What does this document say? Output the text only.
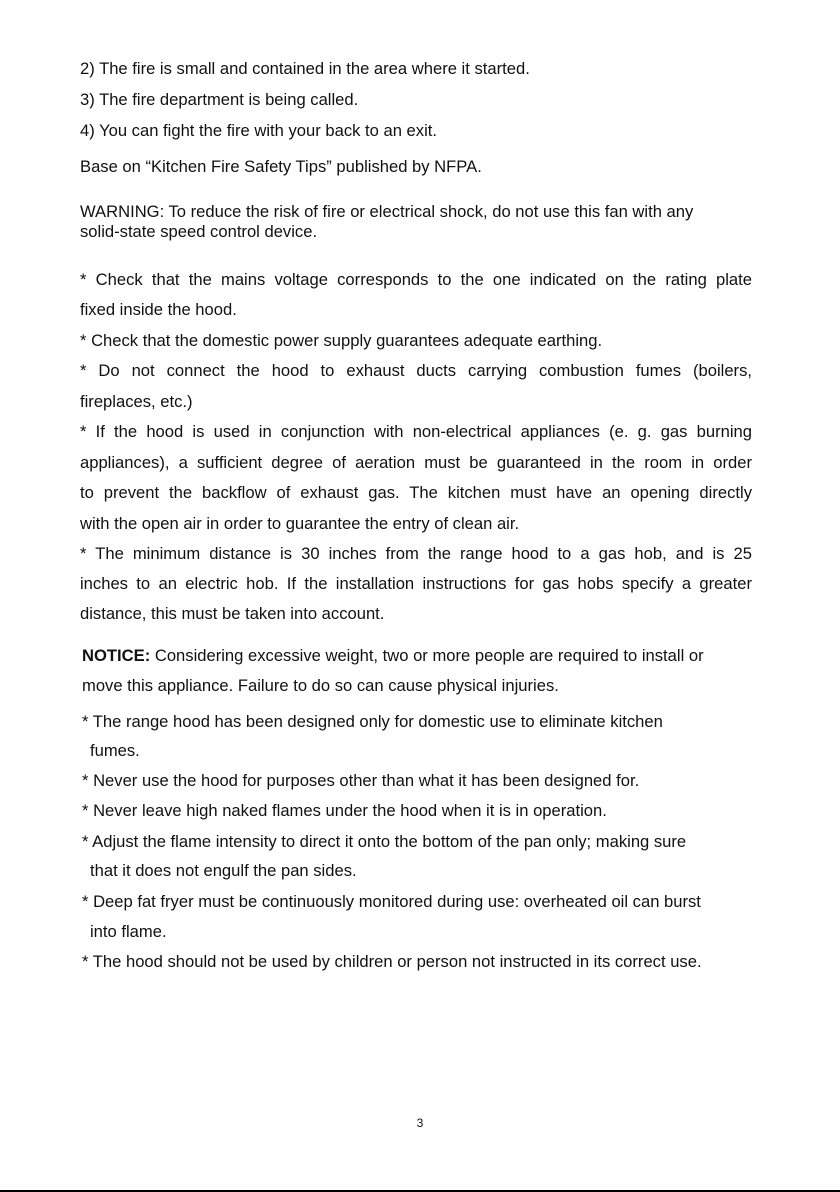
2) The fire is small and contained in the area where it started.
3) The fire department is being called.
4) You can fight the fire with your back to an exit.
Base on “Kitchen Fire Safety Tips” published by NFPA.
WARNING: To reduce the risk of fire or electrical shock, do not use this fan with any
solid-state speed control device.
* Check that the mains voltage corresponds to the one indicated on the rating plate
fixed inside the hood.
* Check that the domestic power supply guarantees adequate earthing.
* Do not connect the hood to exhaust ducts carrying combustion fumes (boilers,
fireplaces, etc.)
* If the hood is used in conjunction with non-electrical appliances (e. g. gas burning
appliances), a sufficient degree of aeration must be guaranteed in the room in order
to prevent the backflow of exhaust gas. The kitchen must have an opening directly
with the open air in order to guarantee the entry of clean air.
* The minimum distance is 30 inches from the range hood to a gas hob, and is 25
inches to an electric hob. If the installation instructions for gas hobs specify a greater
distance, this must be taken into account.
NOTICE: Considering excessive weight, two or more people are required to install or
move this appliance. Failure to do so can cause physical injuries.
* The range hood has been designed only for domestic use to eliminate kitchen
fumes.
* Never use the hood for purposes other than what it has been designed for.
* Never leave high naked flames under the hood when it is in operation.
* Adjust the flame intensity to direct it onto the bottom of the pan only; making sure
that it does not engulf the pan sides.
* Deep fat fryer must be continuously monitored during use: overheated oil can burst
into flame.
* The hood should not be used by children or person not instructed in its correct use.
3
